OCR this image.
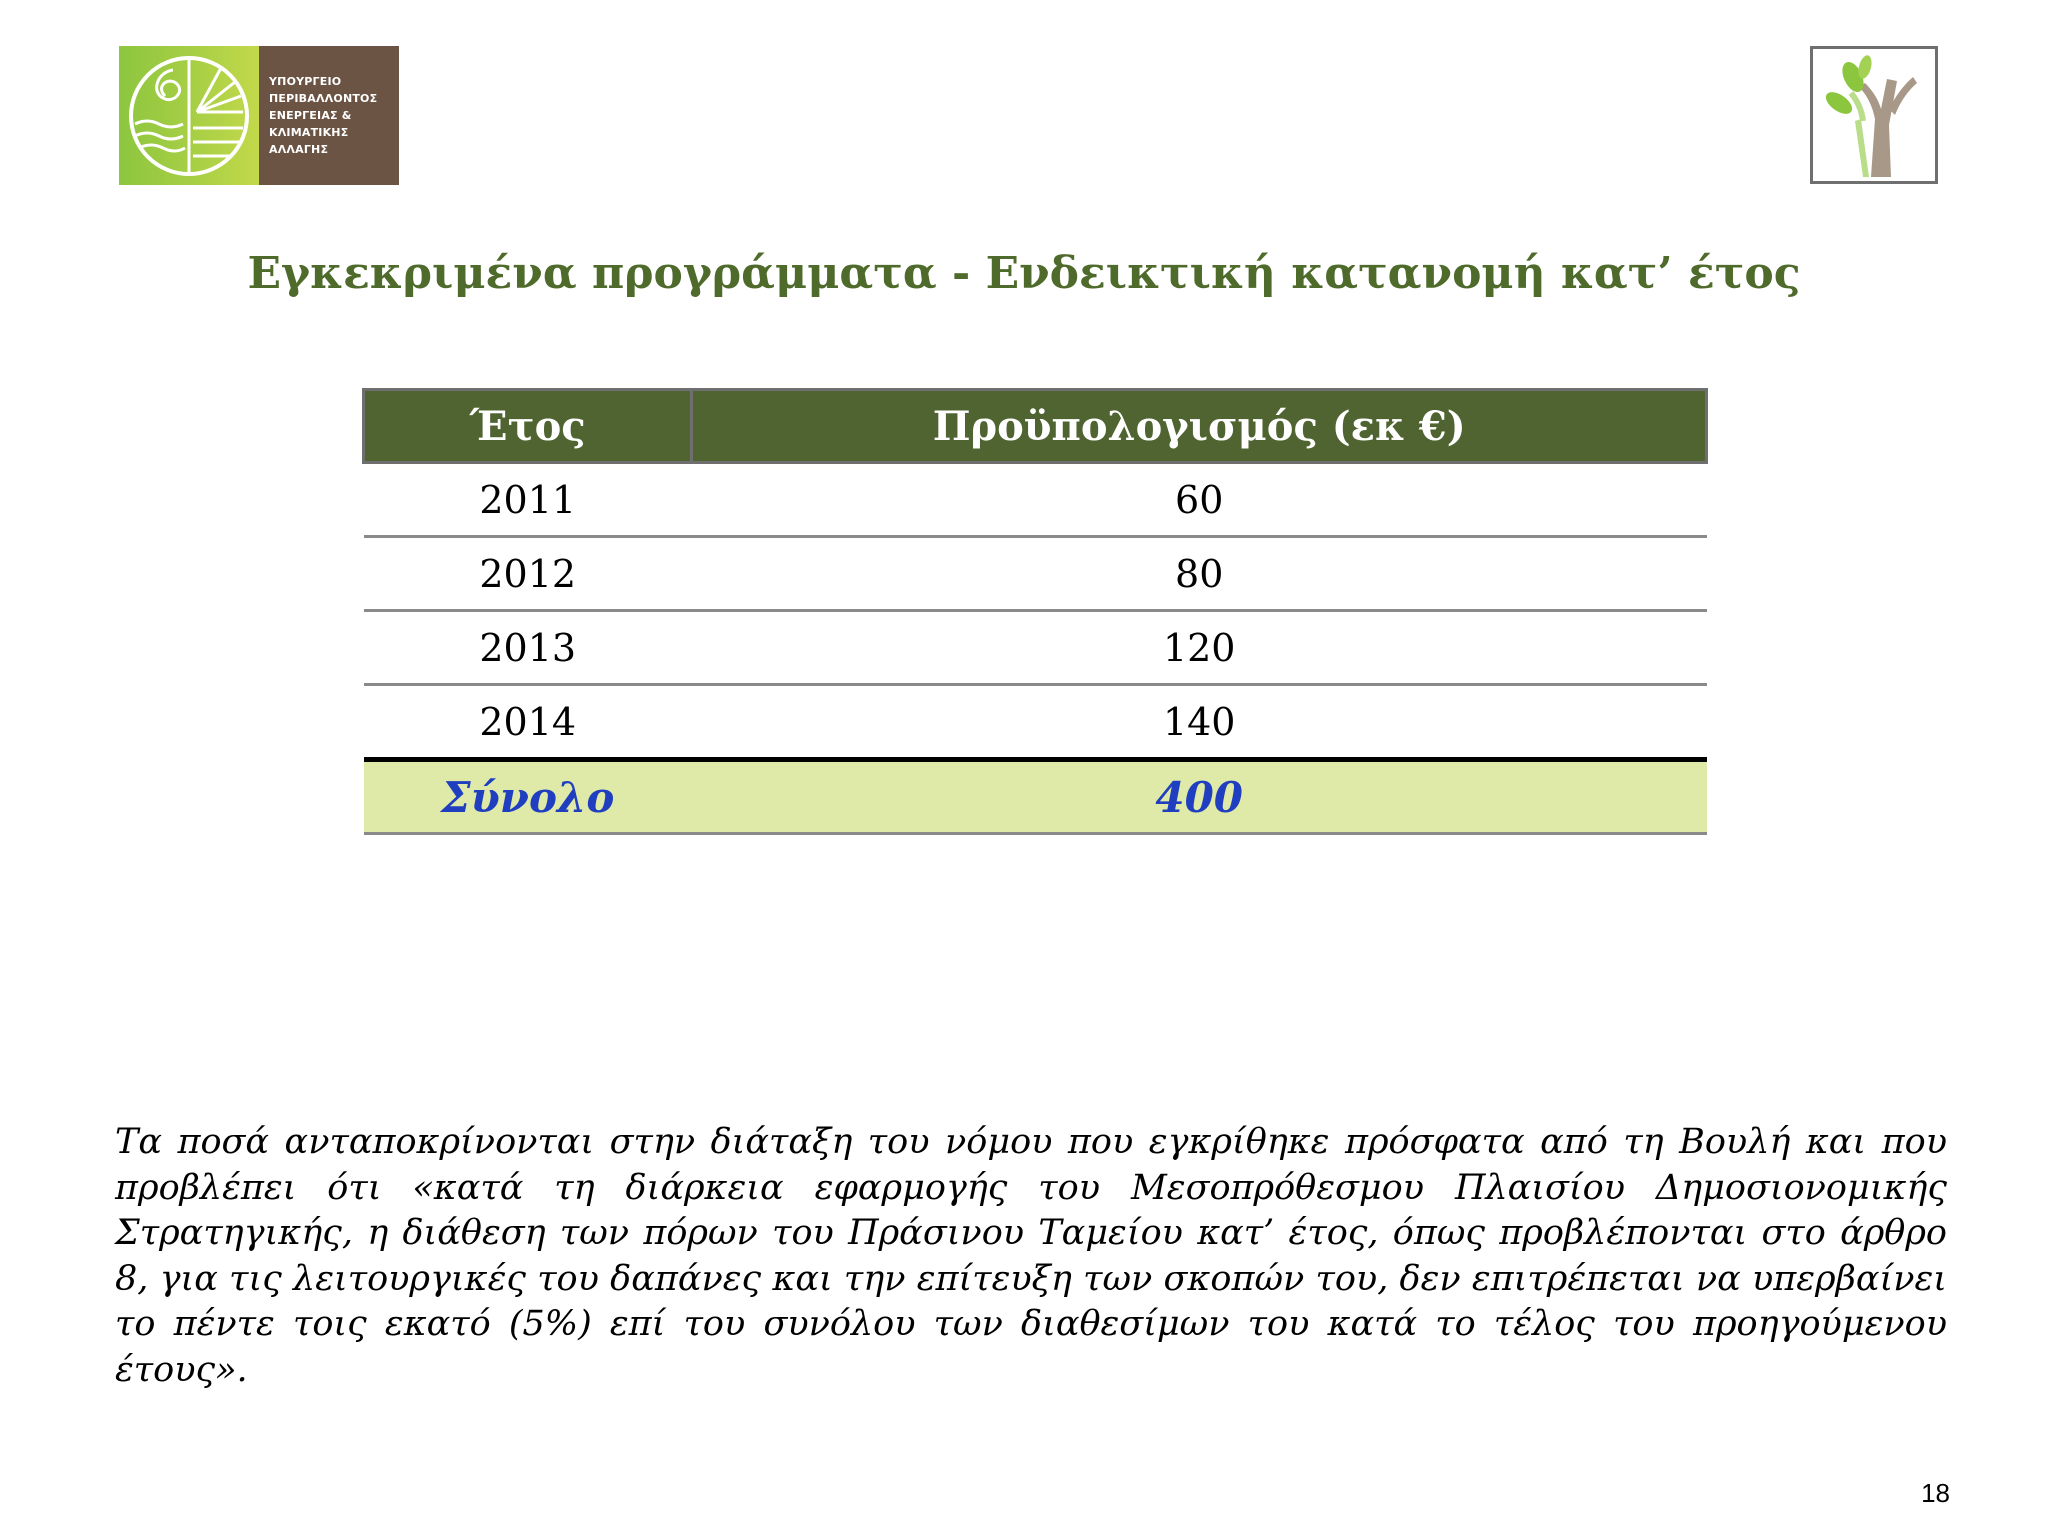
ΥΠΟΥΡΓΕΙΟ
ΠΕΡΙΒΑΛΛΟΝΤΟΣ
ΕΝΕΡΓΕΙΑΣ &
ΚΛΙΜΑΤΙΚΗΣ
ΑΛΛΑΓΗΣ
Εγκεκριμένα προγράμματα - Ενδεικτική κατανομή κατ’ έτος
Έτος	Προϋπολογισμός (εκ €)
2011	60
2012	80
2013	120
2014	140
Σύνολο	400
Τα ποσά ανταποκρίνονται στην διάταξη του νόμου που εγκρίθηκε πρόσφατα από τη Βουλή και που προβλέπει ότι «κατά τη διάρκεια εφαρμογής του Μεσοπρόθεσμου Πλαισίου Δημοσιονομικής Στρατηγικής, η διάθεση των πόρων του Πράσινου Ταμείου κατ’ έτος, όπως προβλέπονται στο άρθρο 8, για τις λειτουργικές του δαπάνες και την επίτευξη των σκοπών του, δεν επιτρέπεται να υπερβαίνει το πέντε τοις εκατό (5%) επί του συνόλου των διαθεσίμων του κατά το τέλος του προηγούμενου έτους».
18
